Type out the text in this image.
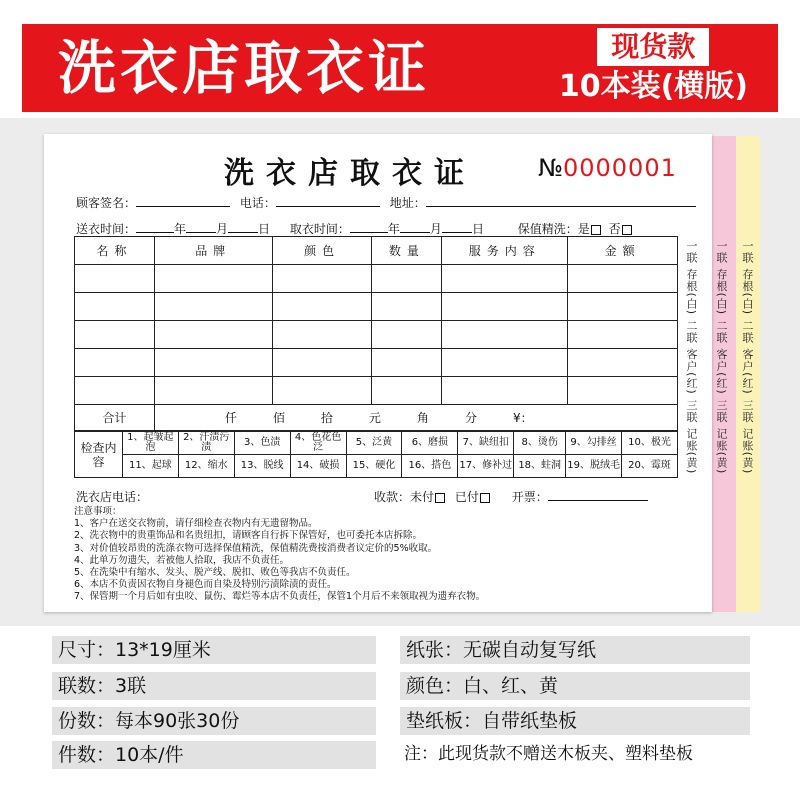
洗衣店取衣证	现货款
10本装(横版)
一联 存根(白) 二联 客户(红) 三联 记账(黄) 一联 存根(白) 二联 客户(红) 三联 记账(黄) 一联 存根(白) 二联 客户(红) 三联 记账(黄)
洗衣店取衣证	№0000001
顾客签名：	电话：	地址：
送衣时间：	年	月	日 取衣时间：	年	月	日	保值精洗：是 否
名称	品牌	颜色	数量	服务内容	金额

合计	仟 佰 拾 元 角 分 ¥：				
检查内容	1、起皱起泡	2、汗渍污渍	3、色渍	4、色花色泛	5、泛黄	6、磨损	7、缺纽扣	8、烫伤	9、勾排丝	10、极光
	11、起球	12、缩水	13、脱线	14、破损	15、硬化	16、搭色	17、修补过	18、蛀洞	19、脱绒毛	20、霉斑
洗衣店电话：	收款：未付 已付	开票：
注意事项：
1、客户在送交衣物前，请仔细检查衣物内有无遗留物品。
2、洗衣物中的贵重饰品和名贵纽扣，请顾客自行拆下保管好，也可委托本店拆除。
3、对价值较昂贵的洗涤衣物可选择保值精洗，保值精洗费按消费者议定价的5%收取。
4、此单万勿遗失，若被他人拾取，我店不负责任。
5、在洗染中有缩水、发头、脱产线、脱扣、败色等我店不负责任。
6、本店不负责因衣物自身褪色而自染及特别污渍除渍的责任。
7、保管期一个月后如有虫咬、鼠伤、霉烂等本店不负责任，保管1个月后不来领取视为遗弃衣物。
尺寸：13*19厘米
联数：3联
份数：每本90张30份
件数：10本/件
纸张：无碳自动复写纸
颜色：白、红、黄
垫纸板：自带纸垫板
注：此现货款不赠送木板夹、塑料垫板
